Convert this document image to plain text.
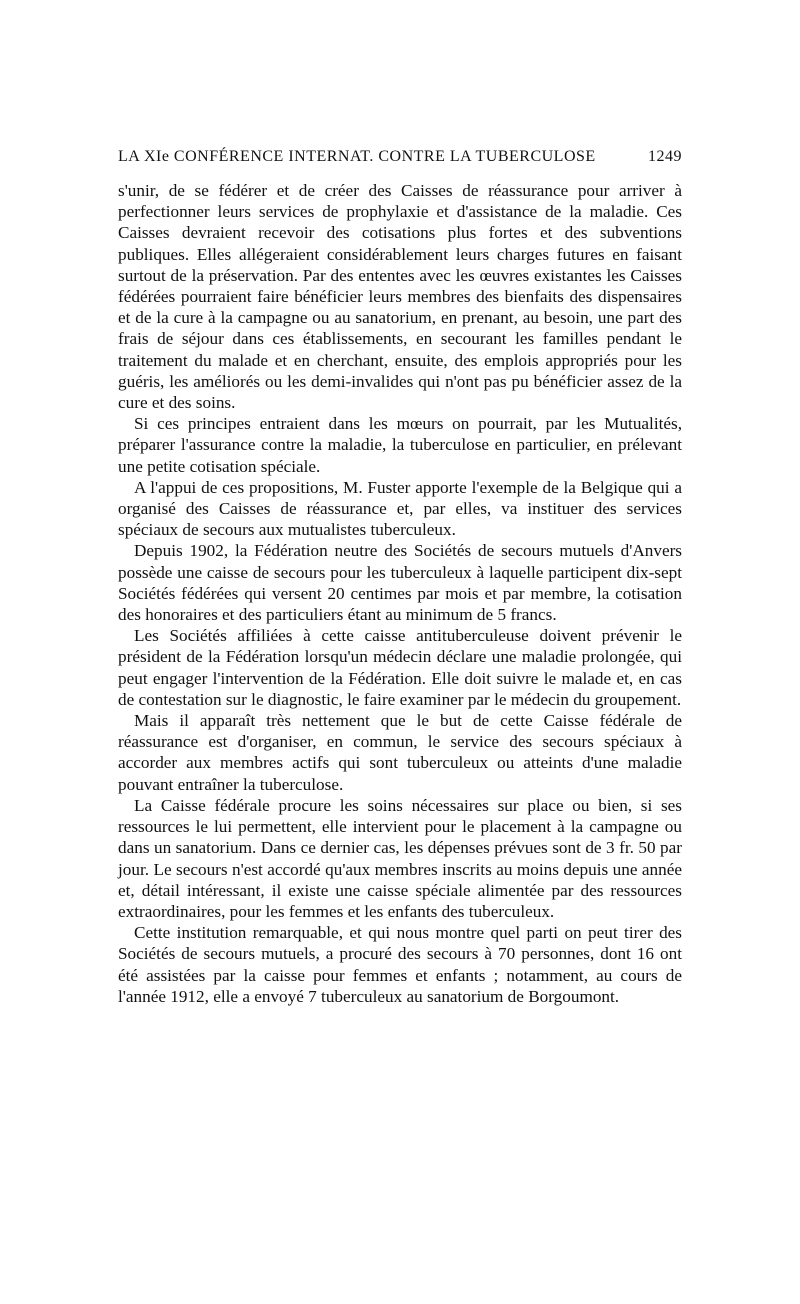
LA XIe CONFÉRENCE INTERNAT. CONTRE LA TUBERCULOSE	1249

s'unir, de se fédérer et de créer des Caisses de réassurance pour arriver à perfectionner leurs services de prophylaxie et d'assistance de la maladie. Ces Caisses devraient recevoir des cotisations plus fortes et des subventions publiques. Elles allégeraient considérablement leurs charges futures en faisant surtout de la préservation. Par des ententes avec les œuvres existantes les Caisses fédérées pourraient faire bénéficier leurs membres des bienfaits des dispensaires et de la cure à la campagne ou au sanatorium, en prenant, au besoin, une part des frais de séjour dans ces établissements, en secourant les familles pendant le traitement du malade et en cherchant, ensuite, des emplois appropriés pour les guéris, les améliorés ou les demi-invalides qui n'ont pas pu bénéficier assez de la cure et des soins.

Si ces principes entraient dans les mœurs on pourrait, par les Mutualités, préparer l'assurance contre la maladie, la tuberculose en particulier, en prélevant une petite cotisation spéciale.

A l'appui de ces propositions, M. Fuster apporte l'exemple de la Belgique qui a organisé des Caisses de réassurance et, par elles, va instituer des services spéciaux de secours aux mutualistes tuberculeux.

Depuis 1902, la Fédération neutre des Sociétés de secours mutuels d'Anvers possède une caisse de secours pour les tuberculeux à laquelle participent dix-sept Sociétés fédérées qui versent 20 centimes par mois et par membre, la cotisation des honoraires et des particuliers étant au minimum de 5 francs.

Les Sociétés affiliées à cette caisse antituberculeuse doivent prévenir le président de la Fédération lorsqu'un médecin déclare une maladie prolongée, qui peut engager l'intervention de la Fédération. Elle doit suivre le malade et, en cas de contestation sur le diagnostic, le faire examiner par le médecin du groupement.

Mais il apparaît très nettement que le but de cette Caisse fédérale de réassurance est d'organiser, en commun, le service des secours spéciaux à accorder aux membres actifs qui sont tuberculeux ou atteints d'une maladie pouvant entraîner la tuberculose.

La Caisse fédérale procure les soins nécessaires sur place ou bien, si ses ressources le lui permettent, elle intervient pour le placement à la campagne ou dans un sanatorium. Dans ce dernier cas, les dépenses prévues sont de 3 fr. 50 par jour. Le secours n'est accordé qu'aux membres inscrits au moins depuis une année et, détail intéressant, il existe une caisse spéciale alimentée par des ressources extraordinaires, pour les femmes et les enfants des tuberculeux.

Cette institution remarquable, et qui nous montre quel parti on peut tirer des Sociétés de secours mutuels, a procuré des secours à 70 personnes, dont 16 ont été assistées par la caisse pour femmes et enfants ; notamment, au cours de l'année 1912, elle a envoyé 7 tuberculeux au sanatorium de Borgoumont.
